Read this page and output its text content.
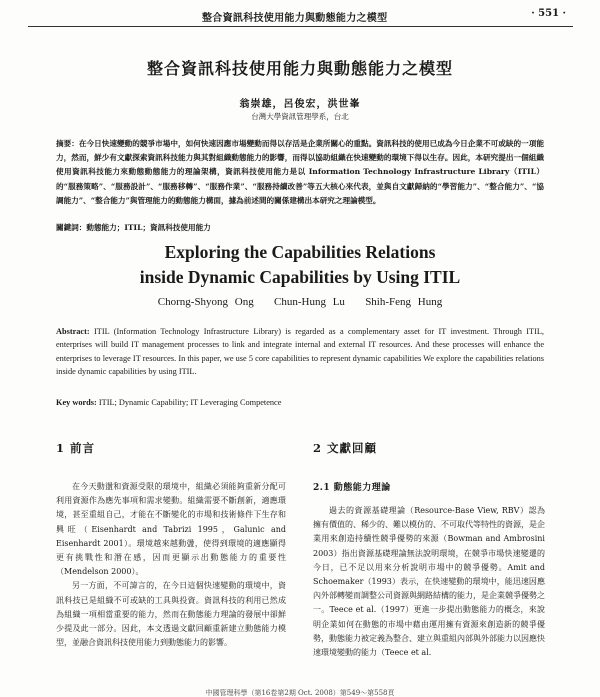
整合資訊科技使用能力與動態能力之模型	· 551 ·
整合資訊科技使用能力與動態能力之模型
翁崇雄，呂俊宏，洪世峯
台灣大學資訊管理學系，台北
摘要：在今日快速變動的競爭市場中，如何快速因應市場變動而得以存活是企業所關心的重點。資訊科技的使用已成為今日企業不可或缺的一項能力，然而，鮮少有文獻探索資訊科技能力與其對組織動態能力的影響，而得以協助組織在快速變動的環境下得以生存。因此，本研究提出一個組織使用資訊科技能力來動態動態能力的理論架構，資訊科技使用能力是以 Information Technology Infrastructure Library（ITIL）的“服務策略”、“服務設計”、“服務移轉”、“服務作業”、“服務持續改善”等五大核心來代表，並與自文獻歸納的“學習能力”、“整合能力”、“協調能力”、“整合能力”與管理能力的動態能力構面，據為前述間的關係建構出本研究之理論模型。
關鍵詞：動態能力；ITIL；資訊科技使用能力
Exploring the Capabilities Relations
inside Dynamic Capabilities by Using ITIL
Chorng-Shyong Ong Chun-Hung Lu Shih-Feng Hung
Abstract: ITIL (Information Technology Infrastructure Library) is regarded as a complementary asset for IT investment. Through ITIL, enterprises will build IT management processes to link and integrate internal and external IT resources. And these processes will enhance the enterprises to leverage IT resources. In this paper, we use 5 core capabilities to represent dynamic capabilities We explore the capabilities relations inside dynamic capabilities by using ITIL.
Key words: ITIL; Dynamic Capability; IT Leveraging Competence
1 前言

在今天動盪和資源受限的環境中，組織必須能夠重新分配可利用資源作為應先事項和需求變動。組織需要不斷創新，適應環境，甚至重組自己，才能在不斷變化的市場和技術條件下生存和興旺（Eisenhardt and Tabrizi 1995，Galunic and Eisenhardt 2001）。環境越來越動盪，使得到環境的適應顯得更有挑戰性和潛在感，因而更顯示出動態能力的重要性（Mendelson 2000）。

另一方面，不可諱言的，在今日這個快速變動的環境中，資訊科技已是組織不可或缺的工具與投資。資訊科技的利用已然成為組織一項相當重要的能力，然而在動態能力理論的發展中卻鮮少提及此一部分。因此，本文透過文獻回顧重新建立動態能力模型，並融合資訊科技使用能力到動態能力的影響。

2 文獻回顧
2.1 動態能力理論

過去的資源基礎理論（Resource-Base View, RBV）認為擁有價值的、稀少的、難以模仿的、不可取代等特性的資源，是企業用來創造持續性競爭優勢的來源（Bowman and Ambrosini 2003）指出資源基礎理論無法說明環境，在競爭市場快速變遷的今日，已不足以用來分析說明市場中的競爭優勢。Amit and Schoemaker（1993）表示，在快速變動的環境中，能迅速因應內外部轉變而調整公司資源與網路結構的能力，是企業競爭優勢之一。Teece et al.（1997）更進一步提出動態能力的概念，來說明企業如何在動態的市場中藉由運用擁有資源來創造新的競爭優勢，動態能力被定義為整合、建立與重組內部與外部能力以因應快速環境變動的能力（Teece et al.

中國管理科學（第16卷第2期 Oct. 2008）第549～第558頁
